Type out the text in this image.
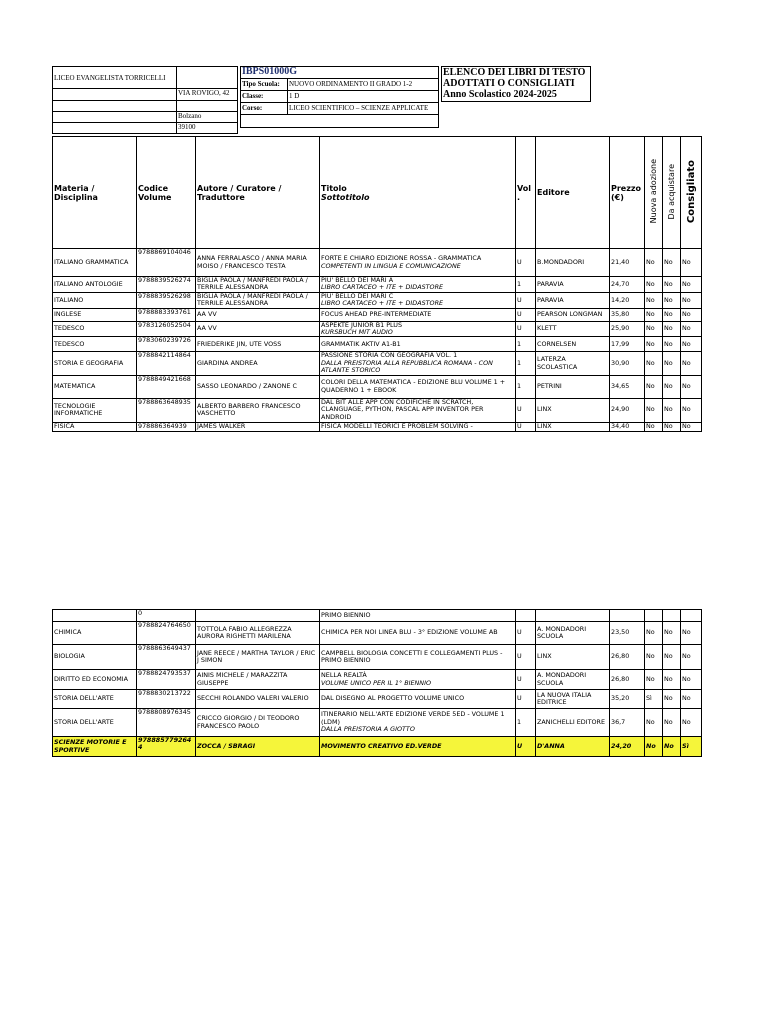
LICEO EVANGELISTA TORRICELLI
VIA ROVIGO, 42
Bolzano
39100
IBPS01000G
Tipo Scuola: NUOVO ORDINAMENTO II GRADO 1-2
Classe:	1 D
Corso:	LICEO SCIENTIFICO – SCIENZE APPLICATE
ELENCO DEI LIBRI DI TESTO
ADOTTATI O CONSIGLIATI
Anno Scolastico 2024-2025
Materia / Disciplina	Codice Volume	Autore / Curatore / Traduttore	Titolo
Sottotitolo	Vol .	Editore	Prezzo (€)	Nuova adozione	Da acquistare	Consigliato
ITALIANO GRAMMATICA	9788869104046	ANNA FERRALASCO / ANNA MARIA MOISO / FRANCESCO TESTA	FORTE E CHIARO EDIZIONE ROSSA - GRAMMATICA
COMPETENTI IN LINGUA E COMUNICAZIONE	U	B.MONDADORI	21,40	No	No	No
ITALIANO ANTOLOGIE	9788839526274	BIGLIA PAOLA / MANFREDI PAOLA / TERRILE ALESSANDRA	PIU' BELLO DEI MARI A
LIBRO CARTACEO + ITE + DIDASTORE	1	PARAVIA	24,70	No	No	No
ITALIANO	9788839526298	BIGLIA PAOLA / MANFREDI PAOLA / TERRILE ALESSANDRA	PIU' BELLO DEI MARI C
LIBRO CARTACEO + ITE + DIDASTORE	U	PARAVIA	14,20	No	No	No
INGLESE	9788883393761	AA VV	FOCUS AHEAD PRE-INTERMEDIATE	U	PEARSON LONGMAN	35,80	No	No	No
TEDESCO	9783126052504	AA VV	ASPEKTE JUNIOR B1 PLUS
KURSBUCH MIT AUDIO	U	KLETT	25,90	No	No	No
TEDESCO	9783060239726	FRIEDERIKE JIN, UTE VOSS	GRAMMATIK AKTIV A1-B1	1	CORNELSEN	17,99	No	No	No
STORIA E GEOGRAFIA	9788842114864	GIARDINA ANDREA	PASSIONE STORIA CON GEOGRAFIA VOL. 1
DALLA PREISTORIA ALLA REPUBBLICA ROMANA - CON ATLANTE STORICO	1	LATERZA SCOLASTICA	30,90	No	No	No
MATEMATICA	9788849421668	SASSO LEONARDO / ZANONE C	COLORI DELLA MATEMATICA - EDIZIONE BLU VOLUME 1 + QUADERNO 1 + EBOOK	1	PETRINI	34,65	No	No	No
TECNOLOGIE INFORMATICHE	9788863648935	ALBERTO BARBERO FRANCESCO VASCHETTO	DAL BIT ALLE APP CON CODIFICHE IN SCRATCH, CLANGUAGE, PYTHON, PASCAL APP INVENTOR PER ANDROID	U	LINX	24,90	No	No	No
FISICA	978886364939	JAMES WALKER	FISICA MODELLI TEORICI E PROBLEM SOLVING -	U	LINX	34,40	No	No	No
	0		PRIMO BIENNIO						
CHIMICA	9788824764650	TOTTOLA FABIO ALLEGREZZA AURORA RIGHETTI MARILENA	CHIMICA PER NOI LINEA BLU - 3° EDIZIONE VOLUME AB	U	A. MONDADORI SCUOLA	23,50	No	No	No
BIOLOGIA	9788863649437	JANE REECE / MARTHA TAYLOR / ERIC J SIMON	CAMPBELL BIOLOGIA CONCETTI E COLLEGAMENTI PLUS - PRIMO BIENNIO	U	LINX	26,80	No	No	No
DIRITTO ED ECONOMIA	9788824793537	AINIS MICHELE / MARAZZITA GIUSEPPE	NELLA REALTÀ
VOLUME UNICO PER IL 1° BIENNIO	U	A. MONDADORI SCUOLA	26,80	No	No	No
STORIA DELL'ARTE	9788830213722	SECCHI ROLANDO VALERI VALERIO	DAL DISEGNO AL PROGETTO VOLUME UNICO	U	LA NUOVA ITALIA EDITRICE	35,20	Sì	No	No
STORIA DELL'ARTE	9788808976345	CRICCO GIORGIO / DI TEODORO FRANCESCO PAOLO	ITINERARIO NELL'ARTE EDIZIONE VERDE 5ED - VOLUME 1 (LDM)
DALLA PREISTORIA A GIOTTO	1	ZANICHELLI EDITORE	36,7	No	No	No
SCIENZE MOTORIE E SPORTIVE	978885779264 4	ZOCCA / SBRAGI	MOVIMENTO CREATIVO ED.VERDE	U	D'ANNA	24,20	No	No	Sì
